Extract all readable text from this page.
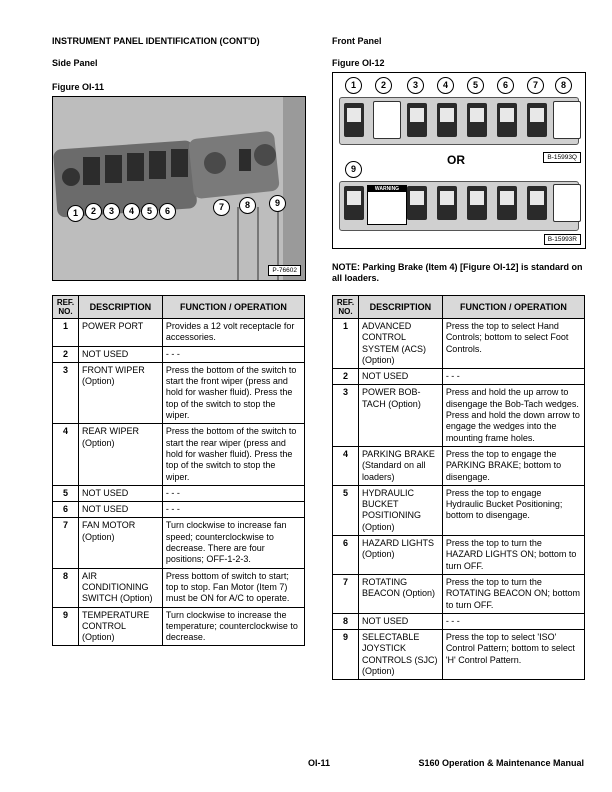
INSTRUMENT PANEL IDENTIFICATION (CONT'D)
Side Panel
Figure OI-11
1	2	3	4	5	6	7	8	9
P-76602
REF. NO.	DESCRIPTION	FUNCTION / OPERATION
1	POWER PORT	Provides a 12 volt receptacle for accessories.
2	NOT USED	- - -
3	FRONT WIPER (Option)	Press the bottom of the switch to start the front wiper (press and hold for washer fluid). Press the top of the switch to stop the wiper.
4	REAR WIPER (Option)	Press the bottom of the switch to start the rear wiper (press and hold for washer fluid). Press the top of the switch to stop the wiper.
5	NOT USED	- - -
6	NOT USED	- - -
7	FAN MOTOR (Option)	Turn clockwise to increase fan speed; counterclockwise to decrease. There are four positions; OFF-1-2-3.
8	AIR CONDITIONING SWITCH (Option)	Press bottom of switch to start; top to stop. Fan Motor (Item 7) must be ON for A/C to operate.
9	TEMPERATURE CONTROL (Option)	Turn clockwise to increase the temperature; counterclockwise to decrease.
Front Panel
Figure OI-12
1	2	3	4	5	6	7	8
B-15993Q
OR
9
WARNING
B-15993R
NOTE: Parking Brake (Item 4) [Figure OI-12] is standard on all loaders.
REF. NO.	DESCRIPTION	FUNCTION / OPERATION
1	ADVANCED CONTROL SYSTEM (ACS) (Option)	Press the top to select Hand Controls; bottom to select Foot Controls.
2	NOT USED	- - -
3	POWER BOB-TACH (Option)	Press and hold the up arrow to disengage the Bob-Tach wedges. Press and hold the down arrow to engage the wedges into the mounting frame holes.
4	PARKING BRAKE (Standard on all loaders)	Press the top to engage the PARKING BRAKE; bottom to disengage.
5	HYDRAULIC BUCKET POSITIONING (Option)	Press the top to engage Hydraulic Bucket Positioning; bottom to disengage.
6	HAZARD LIGHTS (Option)	Press the top to turn the HAZARD LIGHTS ON; bottom to turn OFF.
7	ROTATING BEACON (Option)	Press the top to turn the ROTATING BEACON ON; bottom to turn OFF.
8	NOT USED	- - -
9	SELECTABLE JOYSTICK CONTROLS (SJC) (Option)	Press the top to select 'ISO' Control Pattern; bottom to select 'H' Control Pattern.
OI-11	S160 Operation & Maintenance Manual
